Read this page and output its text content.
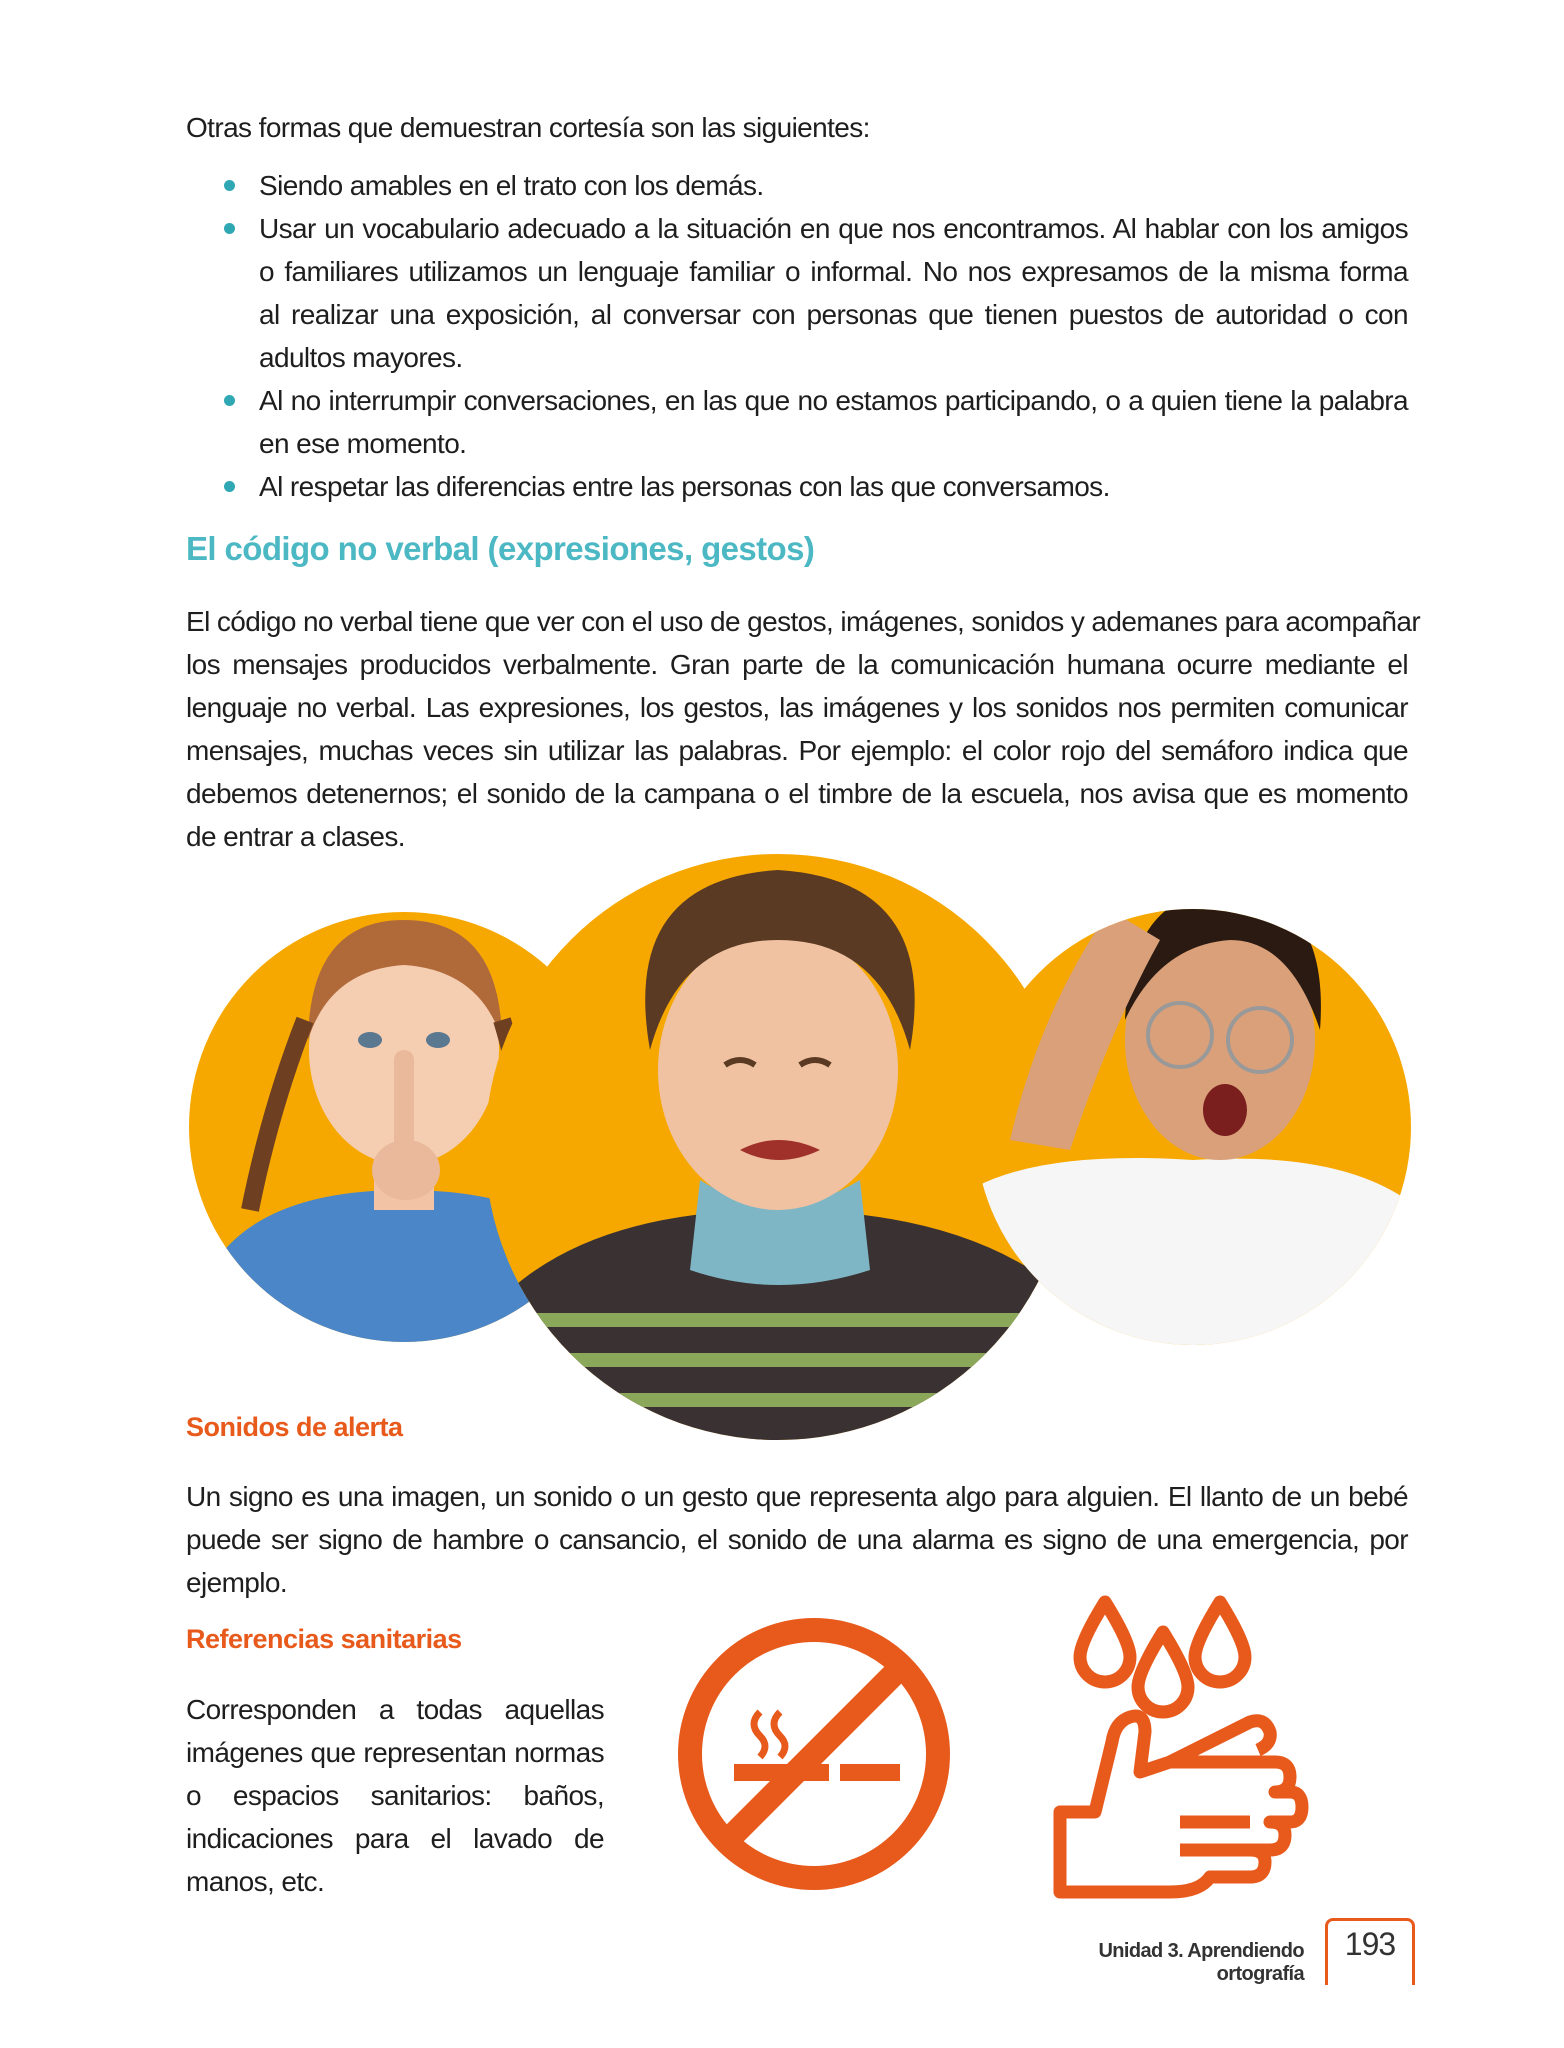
Otras formas que demuestran cortesía son las siguientes:
Siendo amables en el trato con los demás.
Usar un vocabulario adecuado a la situación en que nos encontramos. Al hablar con los amigos
o familiares utilizamos un lenguaje familiar o informal. No nos expresamos de la misma forma
al realizar una exposición, al conversar con personas que tienen puestos de autoridad o con
adultos mayores.
Al no interrumpir conversaciones, en las que no estamos participando, o a quien tiene la palabra
en ese momento.
Al respetar las diferencias entre las personas con las que conversamos.
El código no verbal (expresiones, gestos)
El código no verbal tiene que ver con el uso de gestos, imágenes, sonidos y ademanes para acompañar
los mensajes producidos verbalmente. Gran parte de la comunicación humana ocurre mediante el
lenguaje no verbal. Las expresiones, los gestos, las imágenes y los sonidos nos permiten comunicar
mensajes, muchas veces sin utilizar las palabras. Por ejemplo: el color rojo del semáforo indica que
debemos detenernos; el sonido de la campana o el timbre de la escuela, nos avisa que es momento
de entrar a clases.
Sonidos de alerta
Un signo es una imagen, un sonido o un gesto que representa algo para alguien. El llanto de un bebé
puede ser signo de hambre o cansancio, el sonido de una alarma es signo de una emergencia, por
ejemplo.
Referencias sanitarias
Corresponden a todas aquellas
imágenes que representan normas
o espacios sanitarios: baños,
indicaciones para el lavado de
manos, etc.
Unidad 3. Aprendiendo ortografía
193
